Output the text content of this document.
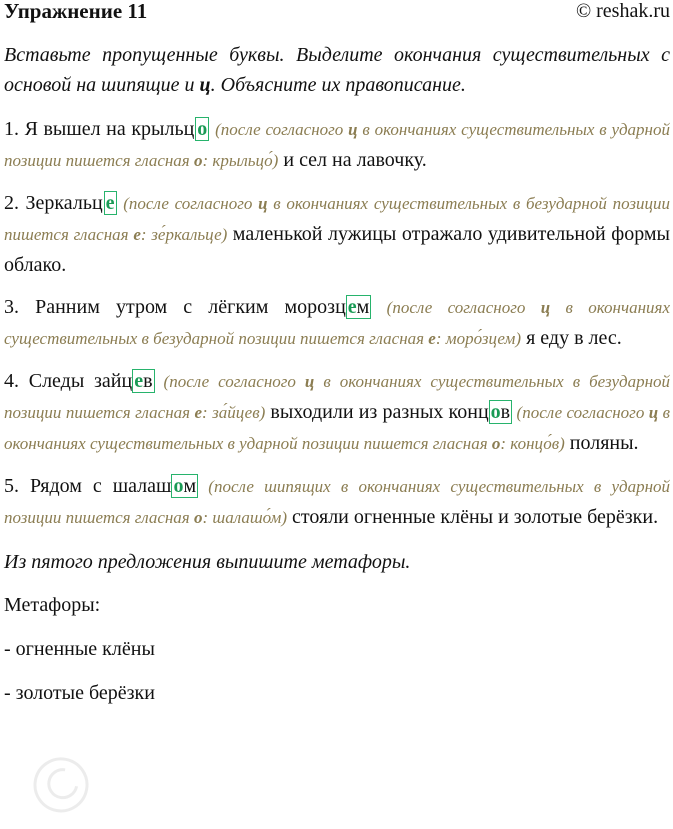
Упражнение 11	© reshak.ru
Вставьте пропущенные буквы. Выделите окончания существительных с основой на шипящие и ц. Объясните их правописание.
1. Я вышел на крыльц о (после согласного ц в окончаниях существительных в ударной позиции пишется гласная о: крыльцо́) и сел на лавочку.
2. Зеркальц е (после согласного ц в окончаниях существительных в безударной позиции пишется гласная е: зе́ркальце) маленькой лужицы отражало удивительной формы облако.
3. Ранним утром с лёгким морозц ем (после согласного ц в окончаниях существительных в безударной позиции пишется гласная е: моро́зцем) я еду в лес.
4. Следы зайц ев (после согласного ц в окончаниях существительных в безударной позиции пишется гласная е: за́йцев) выходили из разных конц ов (после согласного ц в окончаниях существительных в ударной позиции пишется гласная о: концо́в) поляны.
5. Рядом с шалаш ом (после шипящих в окончаниях существительных в ударной позиции пишется гласная о: шалашо́м) стояли огненные клёны и золотые берёзки.
Из пятого предложения выпишите метафоры.
Метафоры:
- огненные клёны
- золотые берёзки
